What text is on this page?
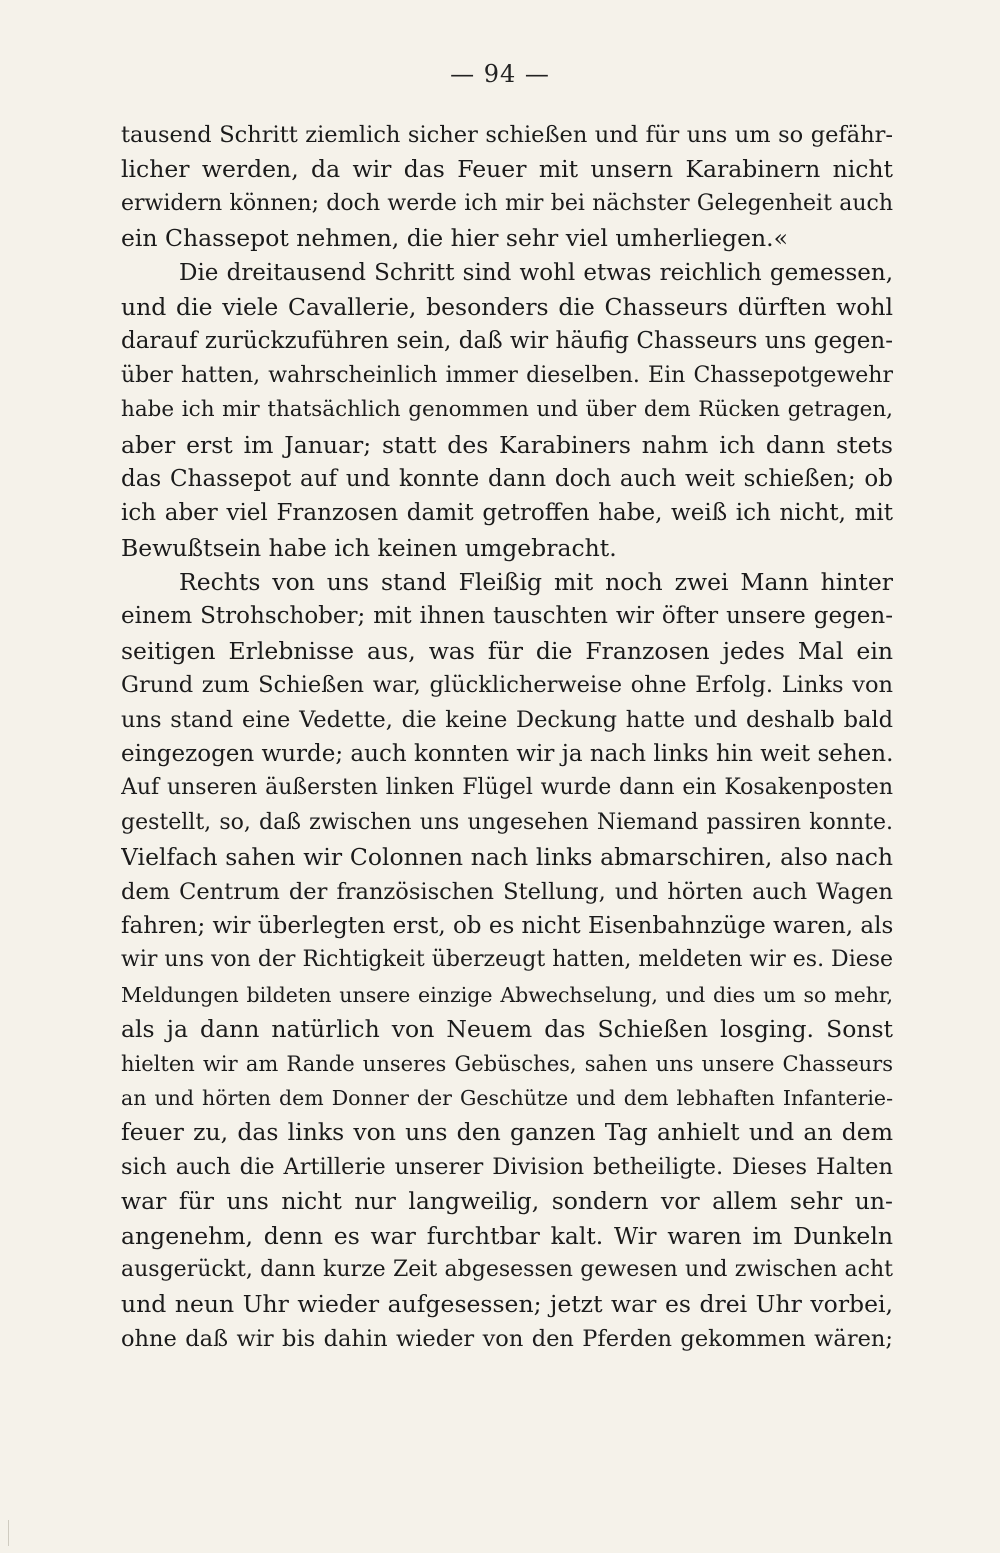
— 94 —
tausend Schritt ziemlich sicher schießen und für uns um so gefähr-
licher werden, da wir das Feuer mit unsern Karabinern nicht
erwidern können; doch werde ich mir bei nächster Gelegenheit auch
ein Chassepot nehmen, die hier sehr viel umherliegen.«
Die dreitausend Schritt sind wohl etwas reichlich gemessen,
und die viele Cavallerie, besonders die Chasseurs dürften wohl
darauf zurückzuführen sein, daß wir häufig Chasseurs uns gegen-
über hatten, wahrscheinlich immer dieselben. Ein Chassepotgewehr
habe ich mir thatsächlich genommen und über dem Rücken getragen,
aber erst im Januar; statt des Karabiners nahm ich dann stets
das Chassepot auf und konnte dann doch auch weit schießen; ob
ich aber viel Franzosen damit getroffen habe, weiß ich nicht, mit
Bewußtsein habe ich keinen umgebracht.
Rechts von uns stand Fleißig mit noch zwei Mann hinter
einem Strohschober; mit ihnen tauschten wir öfter unsere gegen-
seitigen Erlebnisse aus, was für die Franzosen jedes Mal ein
Grund zum Schießen war, glücklicherweise ohne Erfolg. Links von
uns stand eine Vedette, die keine Deckung hatte und deshalb bald
eingezogen wurde; auch konnten wir ja nach links hin weit sehen.
Auf unseren äußersten linken Flügel wurde dann ein Kosakenposten
gestellt, so, daß zwischen uns ungesehen Niemand passiren konnte.
Vielfach sahen wir Colonnen nach links abmarschiren, also nach
dem Centrum der französischen Stellung, und hörten auch Wagen
fahren; wir überlegten erst, ob es nicht Eisenbahnzüge waren, als
wir uns von der Richtigkeit überzeugt hatten, meldeten wir es. Diese
Meldungen bildeten unsere einzige Abwechselung, und dies um so mehr,
als ja dann natürlich von Neuem das Schießen losging. Sonst
hielten wir am Rande unseres Gebüsches, sahen uns unsere Chasseurs
an und hörten dem Donner der Geschütze und dem lebhaften Infanterie-
feuer zu, das links von uns den ganzen Tag anhielt und an dem
sich auch die Artillerie unserer Division betheiligte. Dieses Halten
war für uns nicht nur langweilig, sondern vor allem sehr un-
angenehm, denn es war furchtbar kalt. Wir waren im Dunkeln
ausgerückt, dann kurze Zeit abgesessen gewesen und zwischen acht
und neun Uhr wieder aufgesessen; jetzt war es drei Uhr vorbei,
ohne daß wir bis dahin wieder von den Pferden gekommen wären;
